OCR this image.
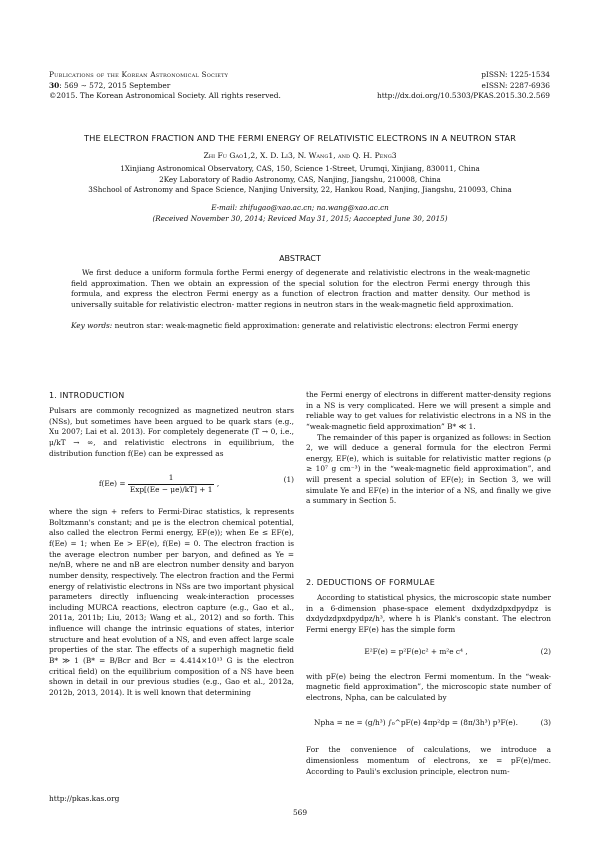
Publications of the Korean Astronomical Society
30: 569 ∼ 572, 2015 September
©2015. The Korean Astronomical Society. All rights reserved.
pISSN: 1225-1534
eISSN: 2287-6936
http://dx.doi.org/10.5303/PKAS.2015.30.2.569
THE ELECTRON FRACTION AND THE FERMI ENERGY OF RELATIVISTIC ELECTRONS IN A NEUTRON STAR
Zhi Fu Gao1,2, X. D. Li3, N. Wang1, and Q. H. Peng3
1Xinjiang Astronomical Observatory, CAS, 150, Science 1-Street, Urumqi, Xinjiang, 830011, China
2Key Laboratory of Radio Astronomy, CAS, Nanjing, Jiangshu, 210008, China
3Shchool of Astronomy and Space Science, Nanjing University, 22, Hankou Road, Nanjing, Jiangshu, 210093, China
E-mail: zhifugao@xao.ac.cn; na.wang@xao.ac.cn
(Received November 30, 2014; Reviced May 31, 2015; Aaccepted June 30, 2015)
ABSTRACT

We first deduce a uniform formula forthe Fermi energy of degenerate and relativistic electrons in the weak-magnetic field approximation. Then we obtain an expression of the special solution for the electron Fermi energy through this formula, and express the electron Fermi energy as a function of electron fraction and matter density. Our method is universally suitable for relativistic electron- matter regions in neutron stars in the weak-magnetic field approximation.

Key words: neutron star: weak-magnetic field approximation: generate and relativistic electrons: electron Fermi energy

1. INTRODUCTION

Pulsars are commonly recognized as magnetized neutron stars (NSs), but sometimes have been argued to be quark stars (e.g., Xu 2007; Lai et al. 2013). For completely degenerate (T → 0, i.e., μ/kT → ∞, and relativistic electrons in equilibrium, the distribution function f(Ee) can be expressed as

$f(Ee) = \frac{1}{\text{Exp[(Ee − μe)/kT] + 1}}$ ,	(1)

where the sign + refers to Fermi-Dirac statistics, k represents Boltzmann's constant; and μe is the electron chemical potential, also called the electron Fermi energy, EF(e)); when Ee ≤ EF(e), f(Ee) = 1; when Ee > EF(e), f(Ee) = 0. The electron fraction is the average electron number per baryon, and defined as Ye = ne/nB, where ne and nB are electron number density and baryon number density, respectively. The electron fraction and the Fermi energy of relativistic electrons in NSs are two important physical parameters directly influencing weak-interaction processes including MURCA reactions, electron capture (e.g., Gao et al., 2011a, 2011b; Liu, 2013; Wang et al., 2012) and so forth. This influence will change the intrinsic equations of states, interior structure and heat evolution of a NS, and even affect large scale properties of the star. The effects of a superhigh magnetic field B* ≫ 1 (B* = B/Bcr and Bcr = 4.414×10¹³ G is the electron critical field) on the equilibrium composition of a NS have been shown in detail in our previous studies (e.g., Gao et al., 2012a, 2012b, 2013, 2014). It is well known that determining

the Fermi energy of electrons in different matter-density regions in a NS is very complicated. Here we will present a simple and reliable way to get values for relativistic electrons in a NS in the “weak-magnetic field approximation” B* ≪ 1.

The remainder of this paper is organized as follows: in Section 2, we will deduce a general formula for the electron Fermi energy, EF(e), which is suitable for relativistic matter regions (ρ ≥ 10⁷ g cm⁻³) in the “weak-magnetic field approximation”, and will present a special solution of EF(e); in Section 3, we will simulate Ye and EF(e) in the interior of a NS, and finally we give a summary in Section 5.

2. DEDUCTIONS OF FORMULAE

According to statistical physics, the microscopic state number in a 6-dimension phase-space element dxdydzdpxdpydpz is dxdydzdpxdpydpz/h³, where h is Plank's constant. The electron Fermi energy EF(e) has the simple form

E²F(e) = p²F(e)c² + m²e c⁴ ,	(2)

with pF(e) being the electron Fermi momentum. In the “weak-magnetic field approximation”, the microscopic state number of electrons, Npha, can be calculated by

Npha = ne = (g/h³) ∫₀^pF(e) 4πp²dp = (8π/3h³) p³F(e).	(3)

For the convenience of calculations, we introduce a dimensionless momentum of electrons, xe = pF(e)/mec. According to Pauli's exclusion principle, electron num-

http://pkas.kas.org
569
